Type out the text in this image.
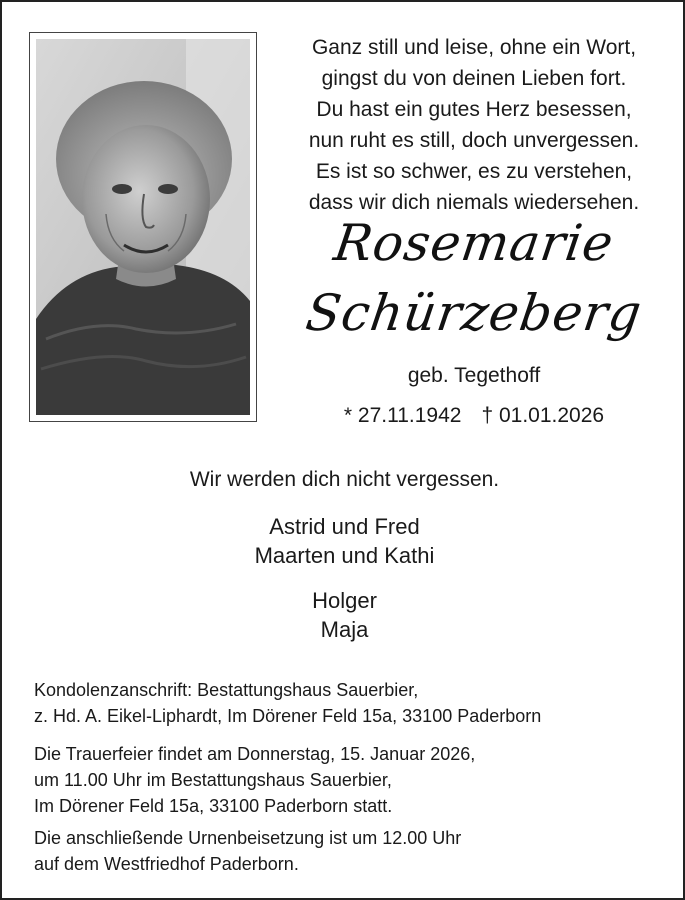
Ganz still und leise, ohne ein Wort,
gingst du von deinen Lieben fort.
Du hast ein gutes Herz besessen,
nun ruht es still, doch unvergessen.
Es ist so schwer, es zu verstehen,
dass wir dich niemals wiedersehen.
Rosemarie
Schürzeberg
geb. Tegethoff
* 27.11.1942 † 01.01.2026
Wir werden dich nicht vergessen.
Astrid und Fred
Maarten und Kathi
Holger
Maja
Kondolenzanschrift: Bestattungshaus Sauerbier,
z. Hd. A. Eikel-Liphardt, Im Dörener Feld 15a, 33100 Paderborn
Die Trauerfeier findet am Donnerstag, 15. Januar 2026,
um 11.00 Uhr im Bestattungshaus Sauerbier,
Im Dörener Feld 15a, 33100 Paderborn statt.
Die anschließende Urnenbeisetzung ist um 12.00 Uhr
auf dem Westfriedhof Paderborn.
